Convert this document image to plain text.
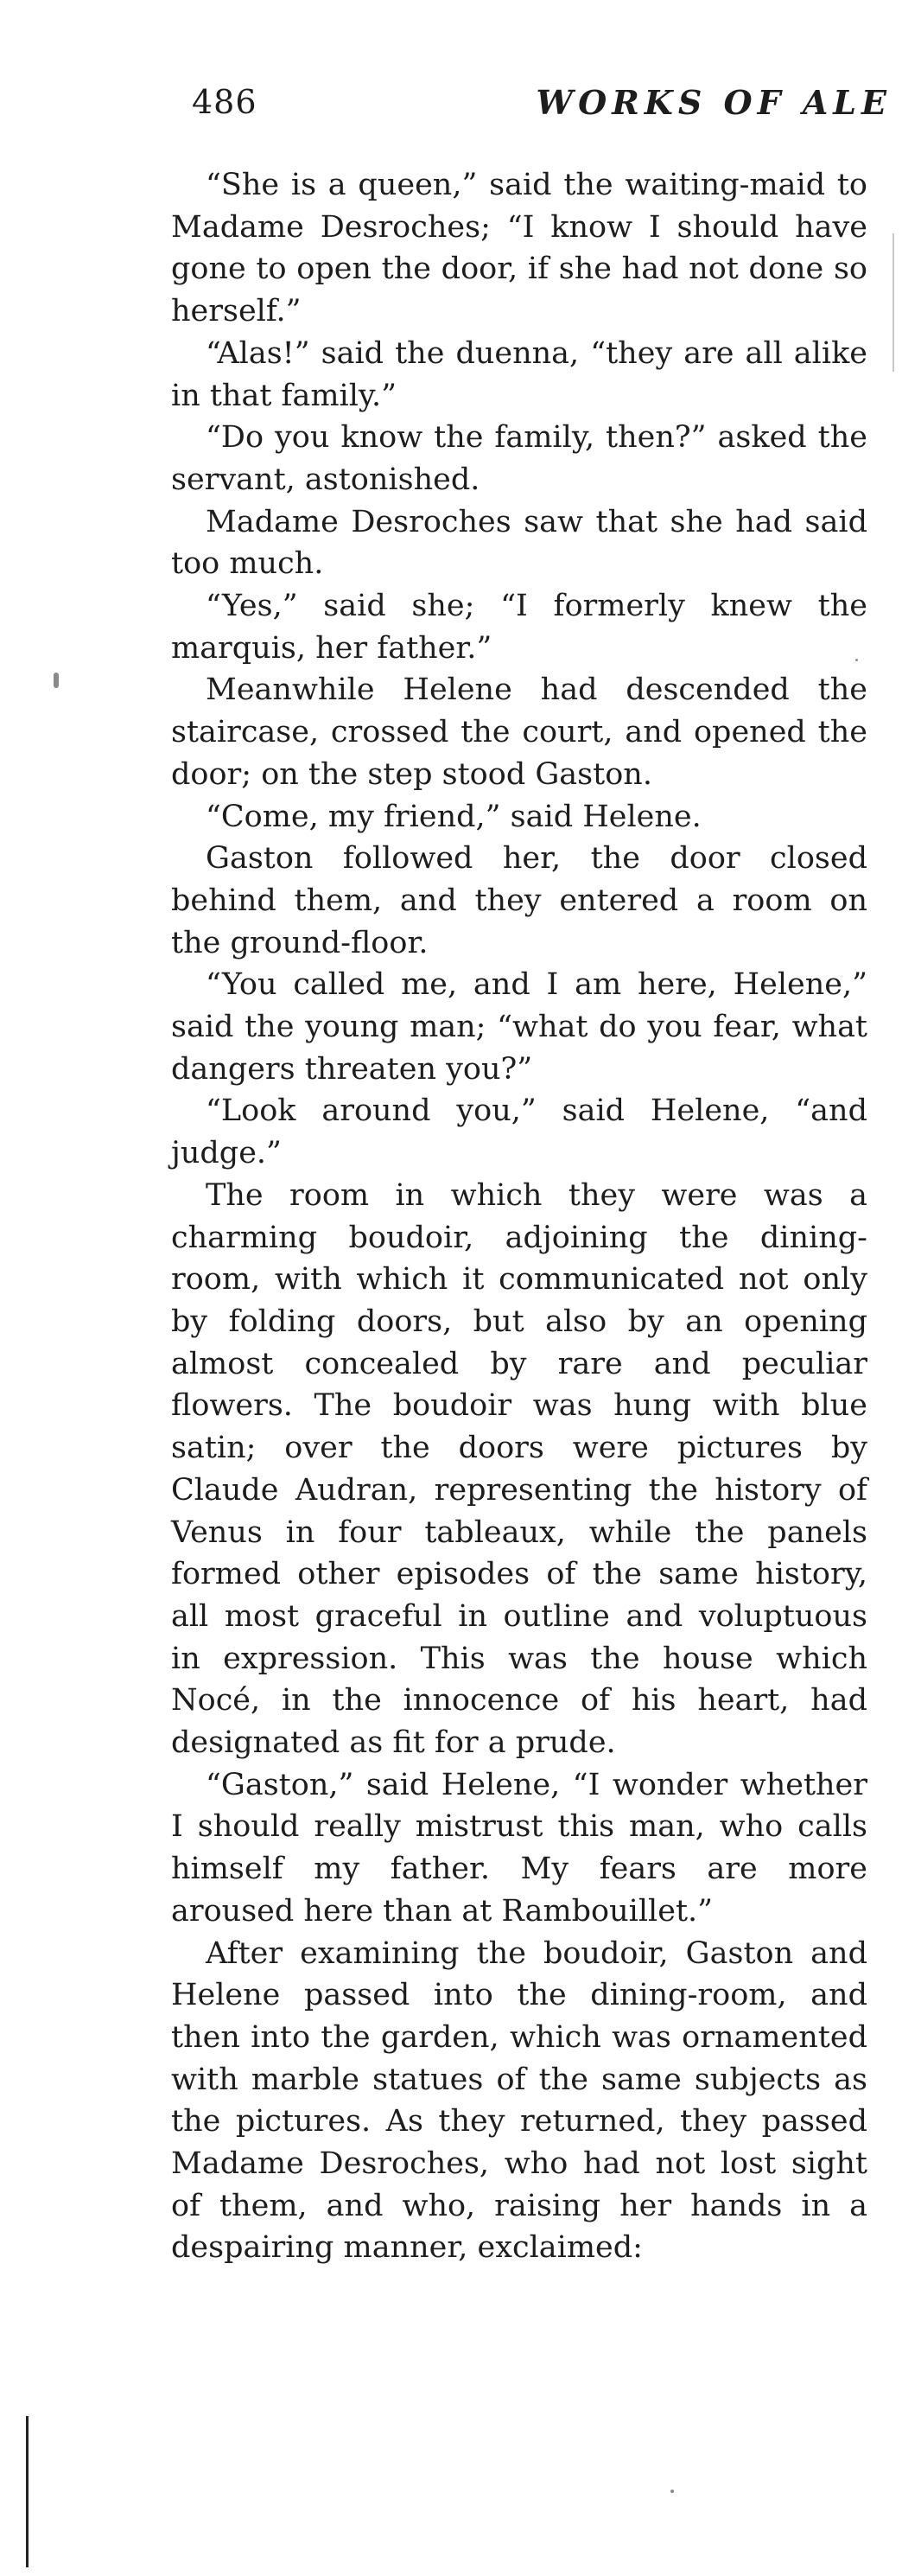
486	WORKS OF ALE

“She is a queen,” said the waiting-maid to Madame Desroches; “I know I should have gone to open the door, if she had not done so herself.”

“Alas!” said the duenna, “they are all alike in that family.”

“Do you know the family, then?” asked the servant, astonished.

Madame Desroches saw that she had said too much.

“Yes,” said she; “I formerly knew the marquis, her father.”

Meanwhile Helene had descended the staircase, crossed the court, and opened the door; on the step stood Gaston.

“Come, my friend,” said Helene.

Gaston followed her, the door closed behind them, and they entered a room on the ground-floor.

“You called me, and I am here, Helene,” said the young man; “what do you fear, what dangers threaten you?”

“Look around you,” said Helene, “and judge.”

The room in which they were was a charming boudoir, adjoining the dining-room, with which it communicated not only by folding doors, but also by an opening almost concealed by rare and peculiar flowers. The boudoir was hung with blue satin; over the doors were pictures by Claude Audran, representing the history of Venus in four tableaux, while the panels formed other episodes of the same history, all most graceful in outline and voluptuous in expression. This was the house which Nocé, in the innocence of his heart, had designated as fit for a prude.

“Gaston,” said Helene, “I wonder whether I should really mistrust this man, who calls himself my father. My fears are more aroused here than at Rambouillet.”

After examining the boudoir, Gaston and Helene passed into the dining-room, and then into the garden, which was ornamented with marble statues of the same subjects as the pictures. As they returned, they passed Madame Desroches, who had not lost sight of them, and who, raising her hands in a despairing manner, exclaimed:
